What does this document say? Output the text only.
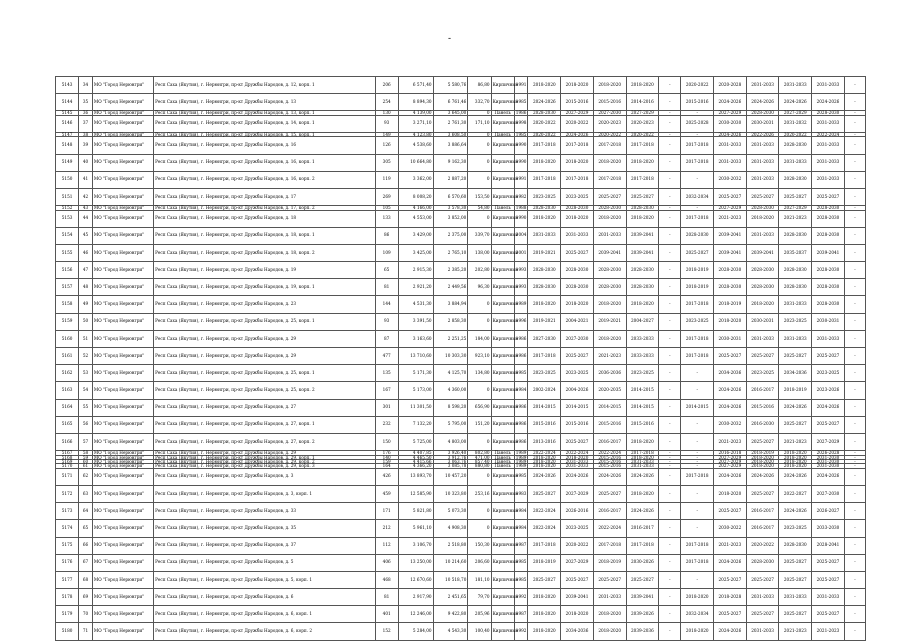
-
5143	34	МО "Город Нерюнгри"	Респ Саха (Якутия), г. Нерюнгри, пр-кт Дружбы Народов, д. 12, корп. 1	206	6 571,40	5 580,76	86,80	Кирпичные	1991	2018-2020	2018-2020	2018-2020	2018-2020	-	2020-2022	2020-2028	2031-2033	2031-2033	2031-2033	-
5144	35	МО "Город Нерюнгри"	Респ Саха (Якутия), г. Нерюнгри, пр-кт Дружбы Народов, д. 13	254	8 894,30	6 761,46	332,70	Кирпичные	1985	2024-2026	2015-2016	2015-2016	2014-2016	-	2015-2016	2024-2026	2024-2026	2024-2026	2024-2026	-
5145	36	МО "Город Нерюнгри"	Респ Саха (Якутия), г. Нерюнгри, пр-кт Дружбы Народов, д. 13, корп. 1	130	4 139,00	3 645,00	0	Панель	1986	2028-2030	2027-2029	2027-2030	2027-2029	-	-	2027-2029	2028-2030	2027-2029	2028-2030	-
5146	37	МО "Город Нерюнгри"	Респ Саха (Якутия), г. Нерюнгри, пр-кт Дружбы Народов, д. 14, корп. 1	93	3 271,10	2 761,30	171,10	Кирпичные	1998	2020-2022	2020-2022	2020-2023	2020-2023	-	2025-2028	2030-2030	2030-2031	2031-2032	2031-2033	-
5147	38	МО "Город Нерюнгри"	Респ Саха (Якутия), г. Нерюнгри, пр-кт Дружбы Народов, д. 15, корп. 1	149	4 123,80	3 608,50	0	Панель	1985	2020-2022	2024-2026	2020-2022	2020-2022	-	-	2024-2026	2022-2026	2020-2022	2022-2024	-
5148	39	МО "Город Нерюнгри"	Респ Саха (Якутия), г. Нерюнгри, пр-кт Дружбы Народов, д. 16	126	4 538,60	3 886,64	0	Кирпичные	1990	2017-2018	2017-2018	2017-2018	2017-2018	-	2017-2018	2031-2033	2031-2033	2028-2030	2031-2033	-
5149	40	МО "Город Нерюнгри"	Респ Саха (Якутия), г. Нерюнгри, пр-кт Дружбы Народов, д. 16, корп. 1	305	10 664,80	9 162,30	0	Кирпичные	1990	2018-2020	2018-2020	2018-2020	2018-2020	-	2017-2018	2031-2033	2031-2033	2031-2033	2031-2033	-
5150	41	МО "Город Нерюнгри"	Респ Саха (Якутия), г. Нерюнгри, пр-кт Дружбы Народов, д. 16, корп. 2	119	3 362,00	2 887,20	0	Кирпичные	1991	2017-2018	2017-2018	2017-2018	2017-2018	-	-	2030-2032	2031-2033	2028-2030	2031-2033	-
5151	42	МО "Город Нерюнгри"	Респ Саха (Якутия), г. Нерюнгри, пр-кт Дружбы Народов, д. 17	269	8 008,20	6 570,60	153,50	Кирпичные	1982	2023-2025	2023-2025	2025-2027	2025-2027	-	2032-2034	2025-2027	2025-2027	2025-2027	2025-2027	-
5152	43	МО "Город Нерюнгри"	Респ Саха (Якутия), г. Нерюнгри, пр-кт Дружбы Народов, д. 17, корп. 2	105	4 166,00	3 578,30	54,80	Панель	1988	2028-2030	2028-2030	2028-2030	2028-2030	-	-	2027-2029	2028-2030	2027-2029	2028-2030	-
5153	44	МО "Город Нерюнгри"	Респ Саха (Якутия), г. Нерюнгри, пр-кт Дружбы Народов, д. 18	133	4 553,00	3 852,00	0	Кирпичные	1990	2018-2020	2018-2020	2018-2020	2018-2020	-	2017-2018	2021-2023	2018-2020	2021-2023	2028-2030	-
5154	45	МО "Город Нерюнгри"	Респ Саха (Якутия), г. Нерюнгри, пр-кт Дружбы Народов, д. 18, корп. 1	86	3 429,00	2 375,00	339,70	Кирпичные	2004	2031-2033	2031-2033	2031-2033	2039-2041	-	2028-2030	2039-2041	2031-2033	2028-2030	2028-2030	-
5155	46	МО "Город Нерюнгри"	Респ Саха (Якутия), г. Нерюнгри, пр-кт Дружбы Народов, д. 18, корп. 2	109	3 425,00	2 765,10	138,00	Кирпичные	2001	2019-2021	2025-2027	2039-2041	2039-2041	-	2025-2027	2039-2041	2039-2041	2035-2037	2039-2041	-
5156	47	МО "Город Нерюнгри"	Респ Саха (Якутия), г. Нерюнгри, пр-кт Дружбы Народов, д. 19	65	2 915,30	2 385,20	202,80	Кирпичные	1993	2028-2030	2028-2030	2028-2030	2028-2030	-	2018-2019	2028-2030	2028-2030	2028-2030	2028-2030	-
5157	48	МО "Город Нерюнгри"	Респ Саха (Якутия), г. Нерюнгри, пр-кт Дружбы Народов, д. 19, корп. 1	81	2 921,20	2 449,56	96,30	Кирпичные	1993	2028-2030	2028-2030	2028-2030	2028-2030	-	2018-2019	2028-2030	2028-2030	2028-2030	2028-2030	-
5158	49	МО "Город Нерюнгри"	Респ Саха (Якутия), г. Нерюнгри, пр-кт Дружбы Народов, д. 23	144	4 531,30	3 884,94	0	Кирпичные	1989	2018-2020	2018-2020	2018-2020	2018-2020	-	2017-2018	2018-2019	2018-2020	2031-2033	2028-2030	-
5159	50	МО "Город Нерюнгри"	Респ Саха (Якутия), г. Нерюнгри, пр-кт Дружбы Народов, д. 25, корп. 1	93	3 391,50	2 858,30	0	Кирпичные	1996	2019-2021	2004-2021	2019-2021	2004-2027	-	2023-2025	2018-2020	2030-2031	2023-2025	2030-2031	-
5160	51	МО "Город Нерюнгри"	Респ Саха (Якутия), г. Нерюнгри, пр-кт Дружбы Народов, д. 29	87	3 163,60	2 251,25	184,00	Кирпичные	1986	2027-2030	2027-2030	2018-2020	2033-2033	-	2017-2018	2030-2031	2031-2033	2031-2033	2031-2033	-
5161	52	МО "Город Нерюнгри"	Респ Саха (Якутия), г. Нерюнгри, пр-кт Дружбы Народов, д. 29	477	13 710,60	10 303,30	923,10	Кирпичные	1986	2017-2018	2025-2027	2021-2023	2033-2033	-	2017-2018	2025-2027	2025-2027	2025-2027	2025-2027	-
5162	53	МО "Город Нерюнгри"	Респ Саха (Якутия), г. Нерюнгри, пр-кт Дружбы Народов, д. 25, корп. 1	135	5 171,30	4 125,70	134,80	Кирпичные	1985	2023-2025	2023-2025	2036-2036	2023-2025	-	-	2034-2036	2023-2025	2034-2036	2023-2025	-
5163	54	МО "Город Нерюнгри"	Респ Саха (Якутия), г. Нерюнгри, пр-кт Дружбы Народов, д. 25, корп. 2	167	5 173,00	4 360,00	0	Кирпичные	1984	2002-2024	2004-2026	2020-2035	2014-2015	-	-	2024-2026	2016-2017	2018-2019	2023-2026	-
5164	55	МО "Город Нерюнгри"	Респ Саха (Якутия), г. Нерюнгри, пр-кт Дружбы Народов, д. 27	301	11 301,50	8 598,20	656,90	Кирпичные	1986	2014-2015	2014-2015	2014-2015	2014-2015	-	2014-2015	2024-2026	2015-2016	2024-2026	2024-2026	-
5165	56	МО "Город Нерюнгри"	Респ Саха (Якутия), г. Нерюнгри, пр-кт Дружбы Народов, д. 27, корп. 1	232	7 132,20	5 795,00	151,20	Кирпичные	1986	2015-2016	2015-2016	2015-2016	2015-2016	-	-	2030-2032	2016-2030	2025-2027	2025-2027	-
5166	57	МО "Город Нерюнгри"	Респ Саха (Якутия), г. Нерюнгри, пр-кт Дружбы Народов, д. 27, корп. 2	150	5 725,00	4 803,00	0	Кирпичные	1986	2013-2016	2025-2027	2016-2017	2018-2020	-	-	2021-2023	2025-2027	2021-2023	2027-2029	-
5167	58	МО "Город Нерюнгри"	Респ Саха (Якутия), г. Нерюнгри, пр-кт Дружбы Народов, д. 29	176	4 407,85	3 926,40	802,80	Панель	1989	2022-2024	2022-2024	2022-2024	2017-2018	-	-	2016-2018	2018-2019	2018-2020	2026-2028	-
5168	59	МО "Город Нерюнгри"	Респ Саха (Якутия), г. Нерюнгри, пр-кт Дружбы Народов, д. 29, корп. 1	140	4 465,50	3 912,76	471,00	Панель	1989	2018-2020	2018-2020	2015-2016	2018-2020	-	-	2027-2029	2018-2020	2018-2020	2031-2030	-
5169	60	МО "Город Нерюнгри"	Респ Саха (Якутия), г. Нерюнгри, пр-кт Дружбы Народов, д. 29, корп. 2	159	4 415,66	3 063,76	857,40	Панель	1989	2018-2020	2031-2033	2015-2016	2031-2033	-	-	2027-2029	2018-2020	2018-2020	2031-2030	-
5170	61	МО "Город Нерюнгри"	Респ Саха (Якутия), г. Нерюнгри, пр-кт Дружбы Народов, д. 29, корп. 3	164	4 366,20	3 085,78	880,80	Панель	1989	2018-2020	2031-2033	2015-2016	2031-2033	-	-	2027-2029	2018-2020	2018-2020	2031-2030	-
5171	62	МО "Город Нерюнгри"	Респ Саха (Якутия), г. Нерюнгри, пр-кт Дружбы Народов, д. 3	426	13 893,70	10 457,20	0	Кирпичные	1985	2024-2026	2024-2026	2024-2026	2024-2026	-	2017-2018	2024-2026	2024-2026	2024-2026	2024-2026	-
5172	63	МО "Город Нерюнгри"	Респ Саха (Якутия), г. Нерюнгри, пр-кт Дружбы Народов, д. 3, корп. 1	459	12 585,90	10 323,80	253,16	Кирпичные	1983	2025-2027	2027-2029	2025-2027	2018-2020	-	-	2018-2020	2025-2027	2022-2027	2027-2030	-
5173	64	МО "Город Нерюнгри"	Респ Саха (Якутия), г. Нерюнгри, пр-кт Дружбы Народов, д. 33	171	5 821,80	5 073,30	0	Кирпичные	1984	2022-2024	2026-2016	2016-2017	2024-2026	-	-	2025-2027	2016-2017	2024-2026	2026-2027	-
5174	65	МО "Город Нерюнгри"	Респ Саха (Якутия), г. Нерюнгри, пр-кт Дружбы Народов, д. 35	212	5 961,10	4 908,30	0	Кирпичные	1984	2022-2024	2023-2025	2022-2024	2016-2017	-	-	2030-2022	2016-2017	2023-2025	2033-2030	-
5175	66	МО "Город Нерюнгри"	Респ Саха (Якутия), г. Нерюнгри, пр-кт Дружбы Народов, д. 37	112	3 106,70	2 518,80	150,30	Кирпичные	1987	2017-2018	2020-2022	2017-2018	2017-2018	-	2017-2018	2021-2023	2020-2022	2028-2030	2028-2041	-
5176	67	МО "Город Нерюнгри"	Респ Саха (Якутия), г. Нерюнгри, пр-кт Дружбы Народов, д. 5	406	13 250,00	10 214,60	206,60	Кирпичные	1985	2018-2019	2027-2029	2018-2019	2030-2026	-	2017-2018	2024-2026	2028-2030	2025-2027	2025-2027	-
5177	68	МО "Город Нерюнгри"	Респ Саха (Якутия), г. Нерюнгри, пр-кт Дружбы Народов, д. 5, корп. 1	468	12 670,60	10 518,70	181,10	Кирпичные	1985	2025-2027	2025-2027	2025-2027	2025-2027	-	-	2025-2027	2025-2027	2025-2027	2025-2027	-
5178	69	МО "Город Нерюнгри"	Респ Саха (Якутия), г. Нерюнгри, пр-кт Дружбы Народов, д. 6	81	2 917,90	2 451,65	79,70	Кирпичные	1992	2018-2020	2039-2041	2031-2033	2039-2041	-	2018-2020	2018-2028	2031-2033	2031-2033	2031-2033	-
5179	70	МО "Город Нерюнгри"	Респ Саха (Якутия), г. Нерюнгри, пр-кт Дружбы Народов, д. 6, корп. 1	401	12 246,00	9 422,80	205,96	Кирпичные	1987	2018-2020	2018-2020	2018-2020	2039-2026	-	2032-2034	2025-2027	2025-2027	2025-2027	2025-2027	-
5180	71	МО "Город Нерюнгри"	Респ Саха (Якутия), г. Нерюнгри, пр-кт Дружбы Народов, д. 6, корп. 2	152	5 284,00	4 543,30	100,40	Кирпичные	1992	2018-2020	2034-2036	2018-2020	2039-2036	-	2018-2020	2024-2026	2031-2033	2021-2023	2021-2023	-
